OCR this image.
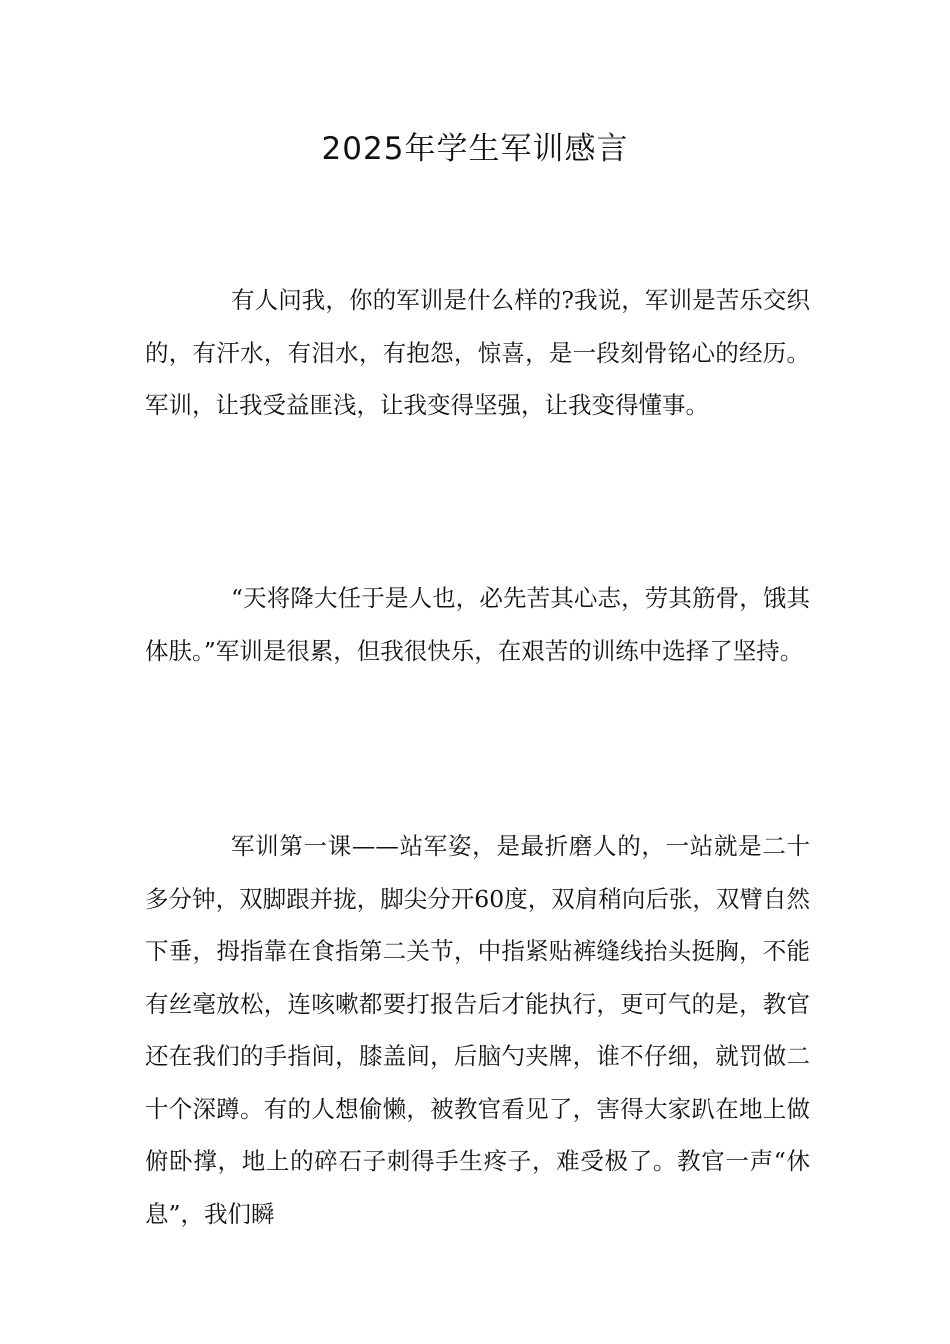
2025年学生军训感言

有人问我，你的军训是什么样的?我说，军训是苦乐交织的，有汗水，有泪水，有抱怨，惊喜，是一段刻骨铭心的经历。军训，让我受益匪浅，让我变得坚强，让我变得懂事。

“天将降大任于是人也，必先苦其心志，劳其筋骨，饿其体肤。”军训是很累，但我很快乐，在艰苦的训练中选择了坚持。

军训第一课——站军姿，是最折磨人的，一站就是二十多分钟，双脚跟并拢，脚尖分开60度，双肩稍向后张，双臂自然下垂，拇指靠在食指第二关节，中指紧贴裤缝线抬头挺胸，不能有丝毫放松，连咳嗽都要打报告后才能执行，更可气的是，教官还在我们的手指间，膝盖间，后脑勺夹牌，谁不仔细，就罚做二十个深蹲。有的人想偷懒，被教官看见了，害得大家趴在地上做俯卧撑，地上的碎石子刺得手生疼子，难受极了。教官一声“休息”，我们瞬
